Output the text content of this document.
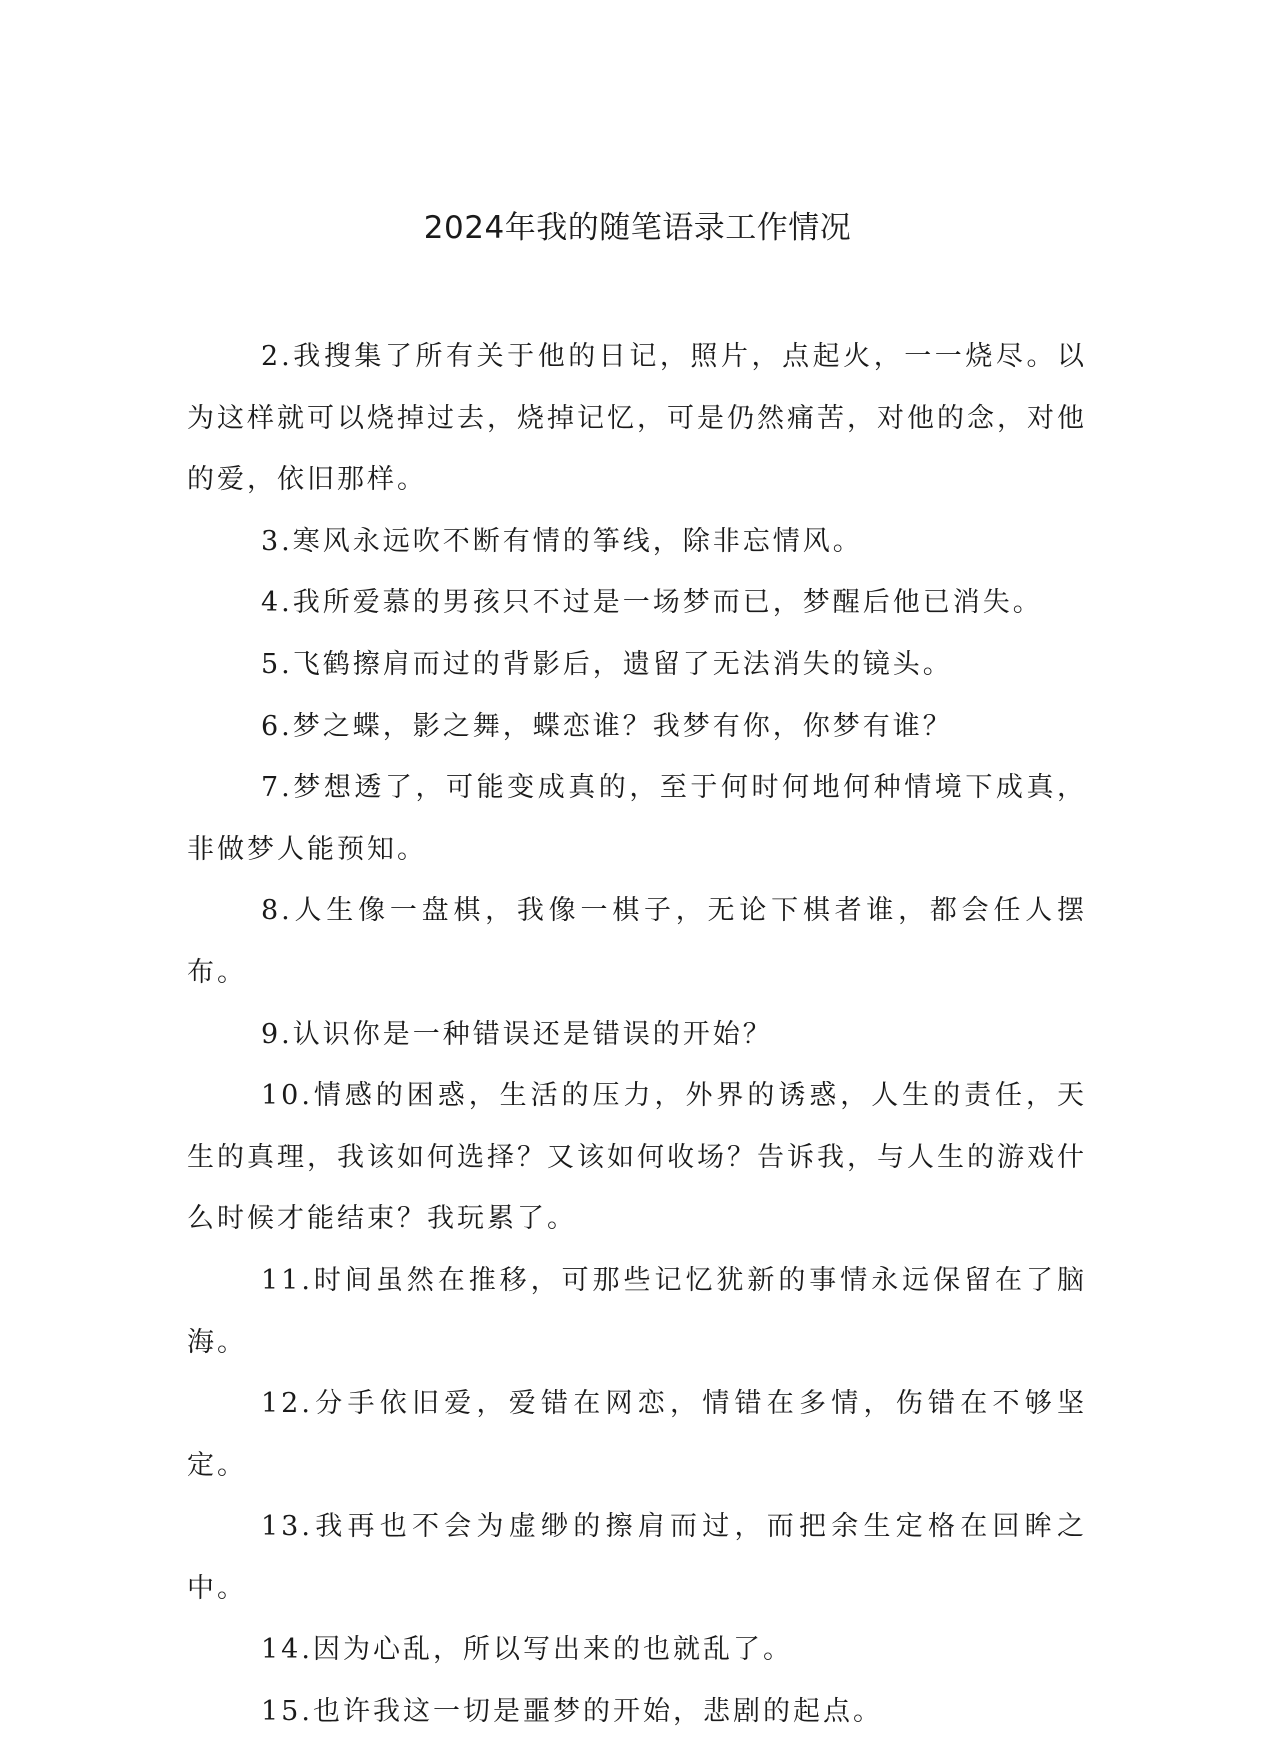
2024年我的随笔语录工作情况

2.我搜集了所有关于他的日记，照片，点起火，一一烧尽。以为这样就可以烧掉过去，烧掉记忆，可是仍然痛苦，对他的念，对他的爱，依旧那样。

3.寒风永远吹不断有情的筝线，除非忘情风。

4.我所爱慕的男孩只不过是一场梦而已，梦醒后他已消失。

5.飞鹤擦肩而过的背影后，遗留了无法消失的镜头。

6.梦之蝶，影之舞，蝶恋谁？我梦有你，你梦有谁？

7.梦想透了，可能变成真的，至于何时何地何种情境下成真，非做梦人能预知。

8.人生像一盘棋，我像一棋子，无论下棋者谁，都会任人摆布。

9.认识你是一种错误还是错误的开始？

10.情感的困惑，生活的压力，外界的诱惑，人生的责任，天生的真理，我该如何选择？又该如何收场？告诉我，与人生的游戏什么时候才能结束？我玩累了。

11.时间虽然在推移，可那些记忆犹新的事情永远保留在了脑海。

12.分手依旧爱，爱错在网恋，情错在多情，伤错在不够坚定。

13.我再也不会为虚缈的擦肩而过，而把余生定格在回眸之中。

14.因为心乱，所以写出来的也就乱了。

15.也许我这一切是噩梦的开始，悲剧的起点。
